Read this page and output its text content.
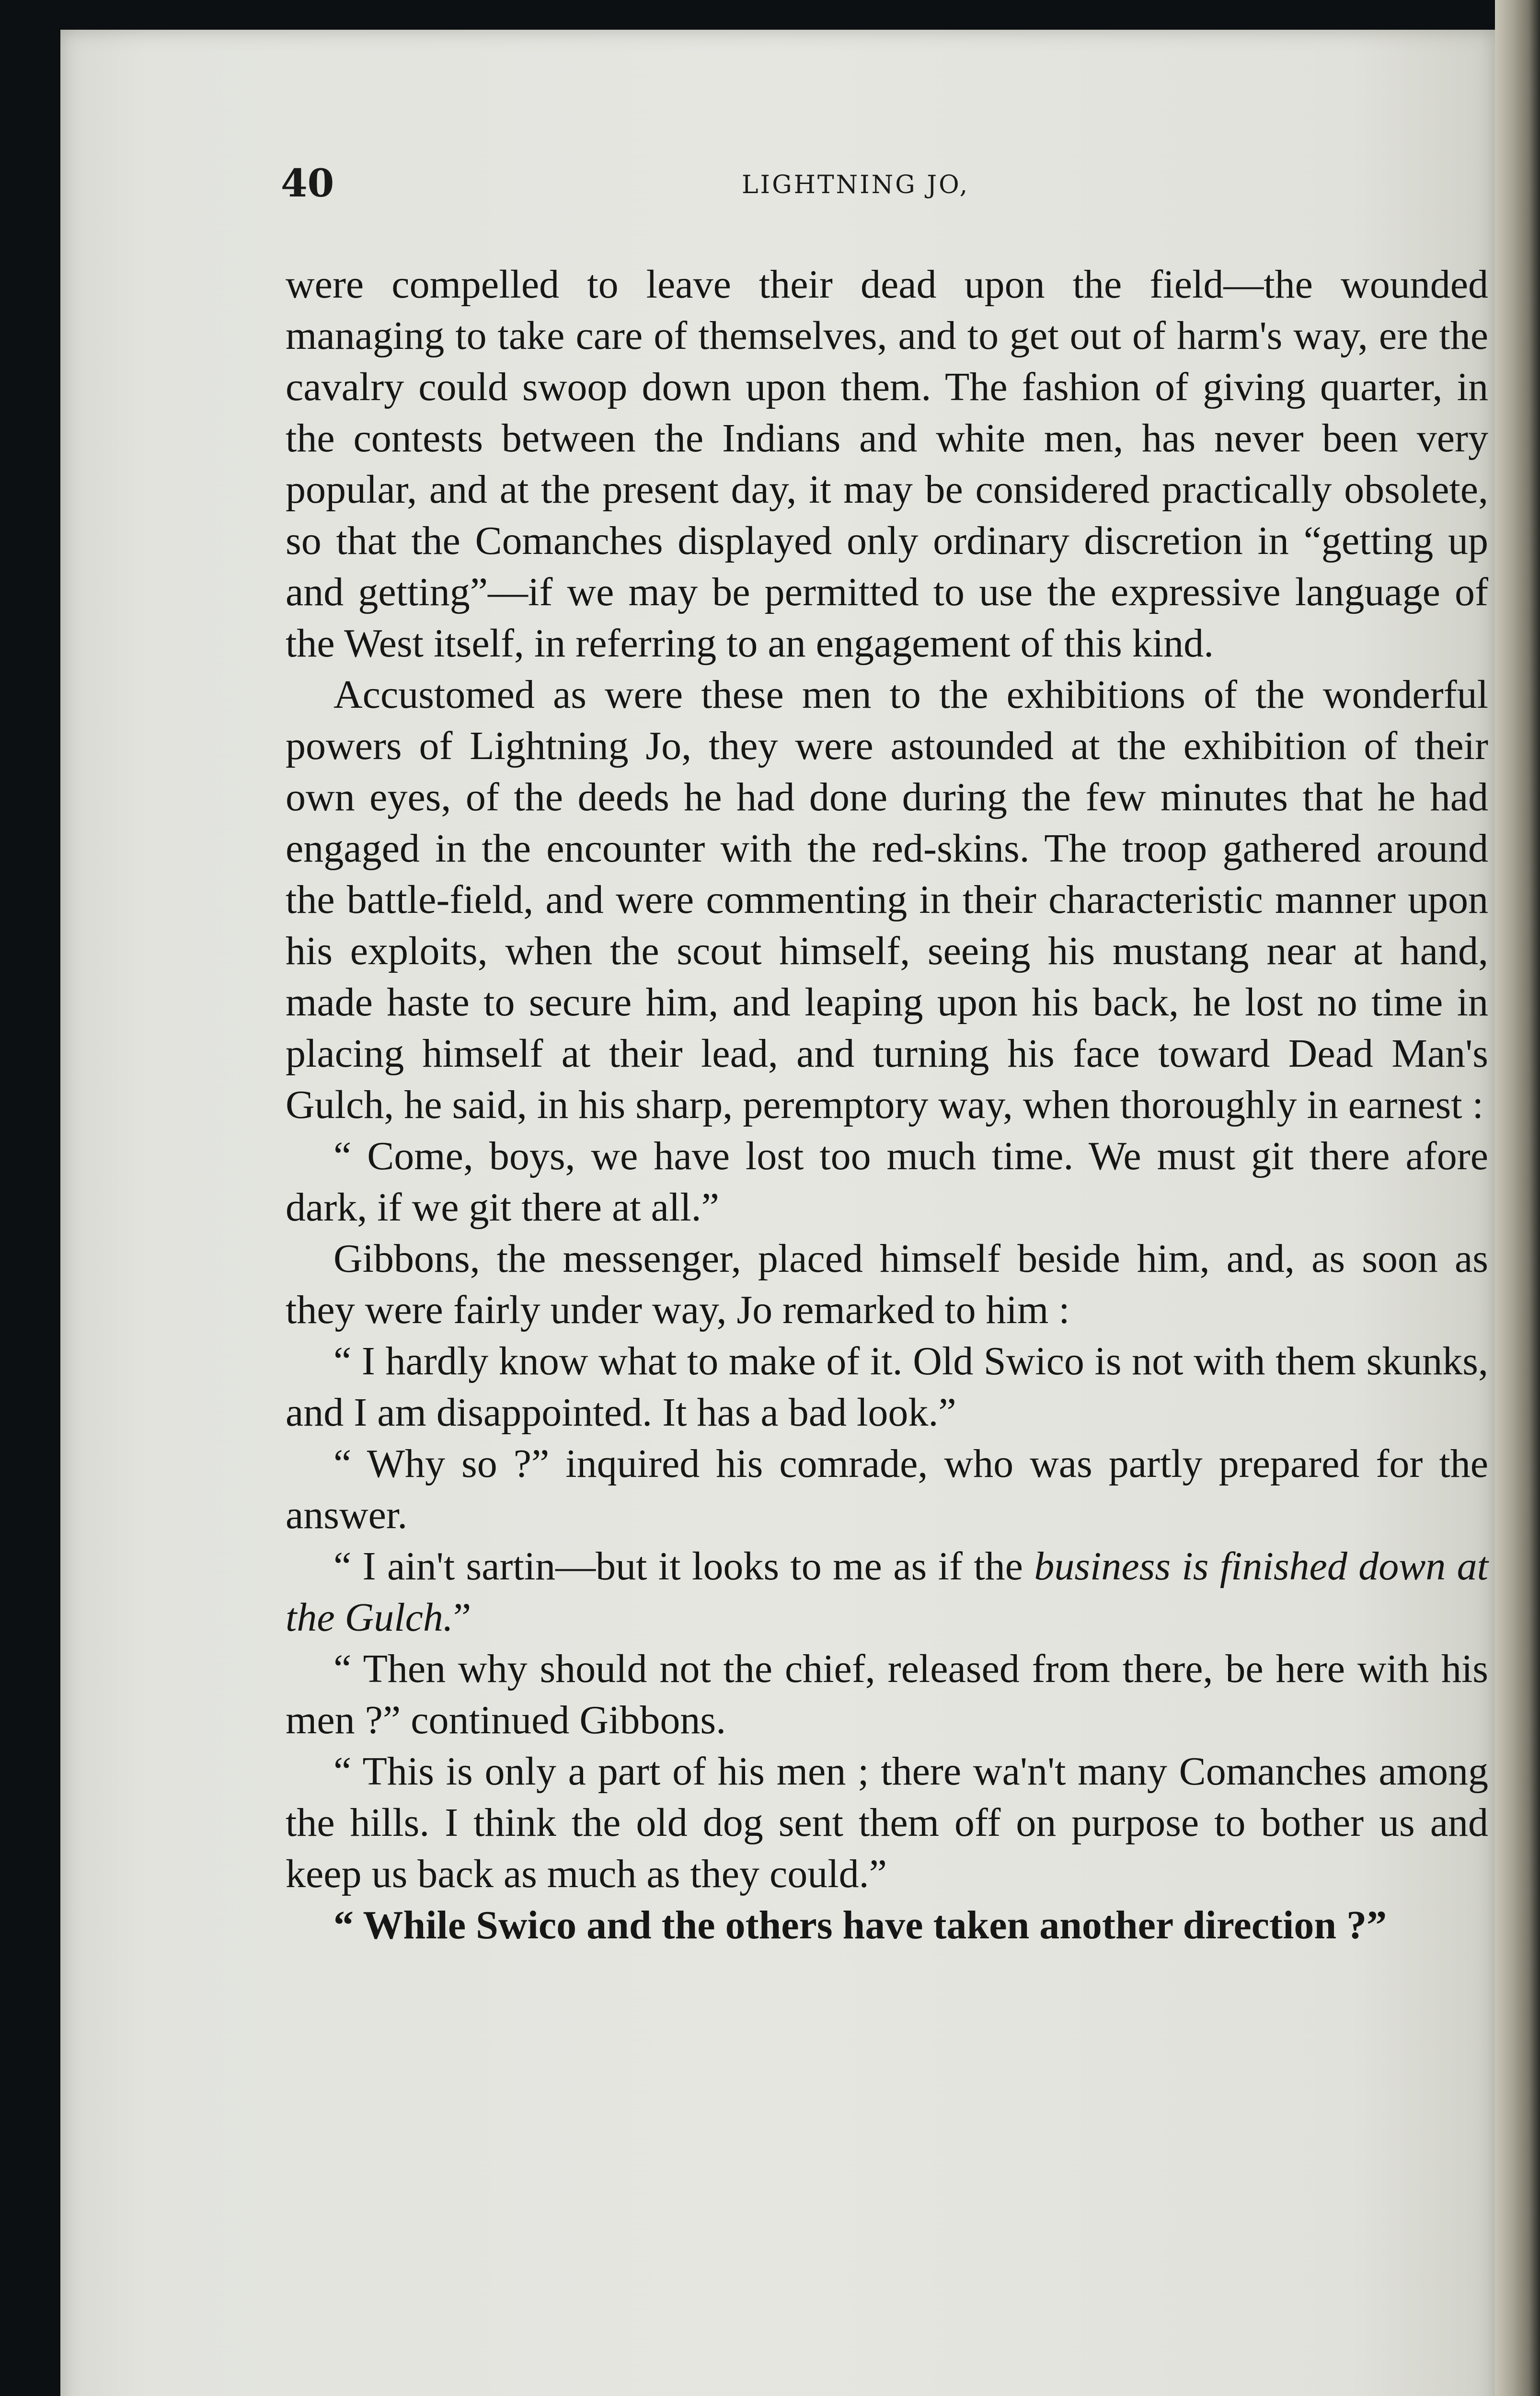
40	LIGHTNING JO,

were compelled to leave their dead upon the field—the wounded managing to take care of themselves, and to get out of harm's way, ere the cavalry could swoop down upon them. The fashion of giving quarter, in the contests between the Indians and white men, has never been very popular, and at the present day, it may be considered practically obsolete, so that the Comanches displayed only ordinary discretion in “getting up and getting”—if we may be permitted to use the expressive language of the West itself, in referring to an engagement of this kind.

Accustomed as were these men to the exhibitions of the wonderful powers of Lightning Jo, they were astounded at the exhibition of their own eyes, of the deeds he had done during the few minutes that he had engaged in the encounter with the red-skins. The troop gathered around the battle-field, and were commenting in their characteristic manner upon his exploits, when the scout himself, seeing his mustang near at hand, made haste to secure him, and leaping upon his back, he lost no time in placing himself at their lead, and turning his face toward Dead Man's Gulch, he said, in his sharp, peremptory way, when thoroughly in earnest :

“ Come, boys, we have lost too much time. We must git there afore dark, if we git there at all.”

Gibbons, the messenger, placed himself beside him, and, as soon as they were fairly under way, Jo remarked to him :

“ I hardly know what to make of it. Old Swico is not with them skunks, and I am disappointed. It has a bad look.”

“ Why so ?” inquired his comrade, who was partly prepared for the answer.

“ I ain't sartin—but it looks to me as if the business is finished down at the Gulch.”

“ Then why should not the chief, released from there, be here with his men ?” continued Gibbons.

“ This is only a part of his men ; there wa'n't many Comanches among the hills. I think the old dog sent them off on purpose to bother us and keep us back as much as they could.”

“ While Swico and the others have taken another direction ?”
